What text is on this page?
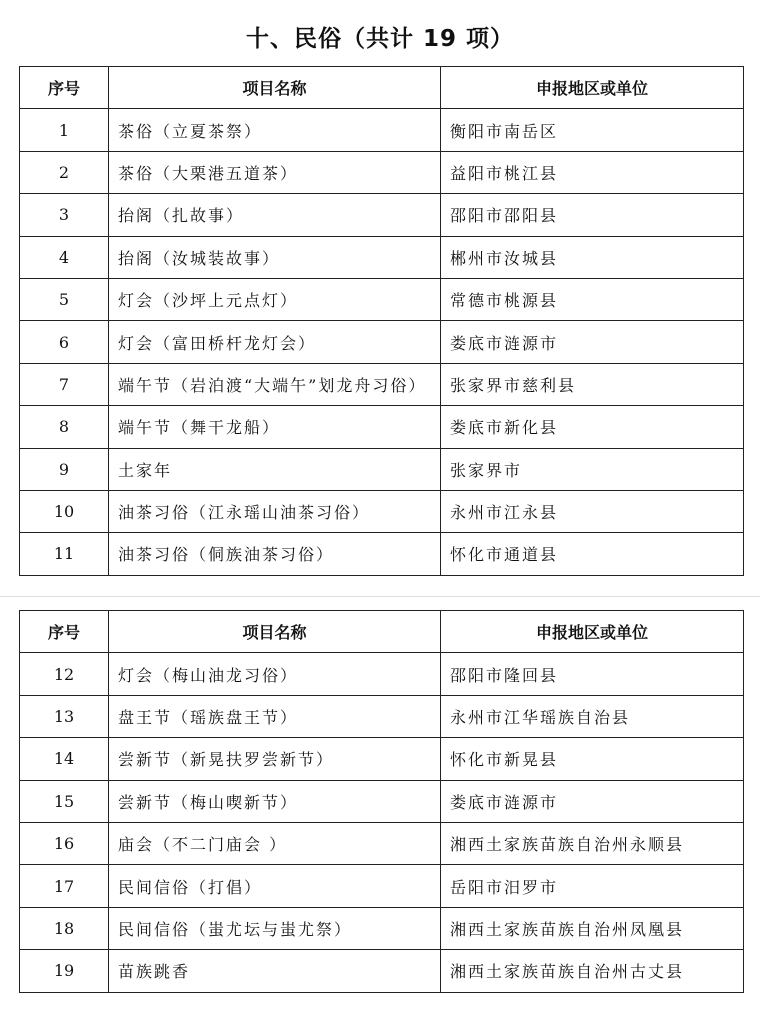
十、民俗（共计 19 项）
序号	项目名称	申报地区或单位
1	茶俗（立夏茶祭）	衡阳市南岳区
2	茶俗（大栗港五道茶）	益阳市桃江县
3	抬阁（扎故事）	邵阳市邵阳县
4	抬阁（汝城装故事）	郴州市汝城县
5	灯会（沙坪上元点灯）	常德市桃源县
6	灯会（富田桥杆龙灯会）	娄底市涟源市
7	端午节（岩泊渡“大端午”划龙舟习俗）	张家界市慈利县
8	端午节（舞干龙船）	娄底市新化县
9	土家年	张家界市
10	油茶习俗（江永瑶山油茶习俗）	永州市江永县
11	油茶习俗（侗族油茶习俗）	怀化市通道县
序号	项目名称	申报地区或单位
12	灯会（梅山油龙习俗）	邵阳市隆回县
13	盘王节（瑶族盘王节）	永州市江华瑶族自治县
14	尝新节（新晃扶罗尝新节）	怀化市新晃县
15	尝新节（梅山喫新节）	娄底市涟源市
16	庙会（不二门庙会 ）	湘西土家族苗族自治州永顺县
17	民间信俗（打倡）	岳阳市汨罗市
18	民间信俗（蚩尤坛与蚩尤祭）	湘西土家族苗族自治州凤凰县
19	苗族跳香	湘西土家族苗族自治州古丈县
